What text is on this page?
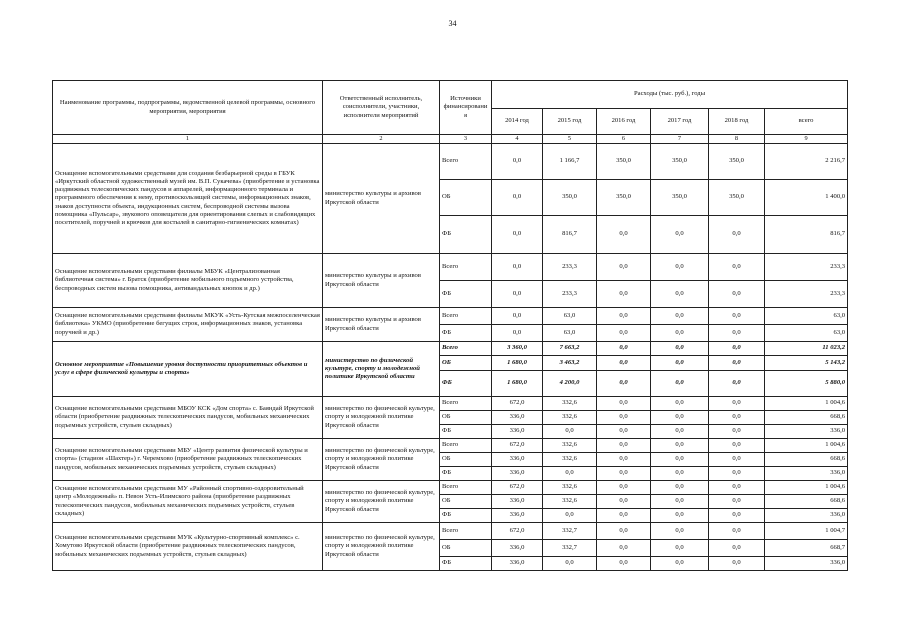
34
Наименование программы, подпрограммы, ведомственной целевой программы, основного мероприятия, мероприятия	Ответственный исполнитель, соисполнители, участники, исполнители мероприятий	Источники финансировани я	Расходы (тыс. руб.), годы					
			2014 год	2015 год	2016 год	2017 год	2018 год	всего
1	2	3	4	5	6	7	8	9
Оснащение вспомогательными средствами для создания безбарьерной среды в ГБУК «Иркутский областной художественный музей им. В.П. Сукачева» (приобретение и установка раздвижных телескопических пандусов и аппарелей, информационного терминала и программного обеспечения к нему, противоскользящей системы, информационных знаков, знаков доступности объекта, индукционных систем, беспроводной системы вызова помощника «Пульсар», звукового оповещателя для ориентирования слепых и слабовидящих посетителей, поручней и крючков для костылей в санитарно-гигиенических комнатах)	министерство культуры и архивов Иркутской области	Всего	0,0	1 166,7	350,0	350,0	350,0	2 216,7
		ОБ	0,0	350,0	350,0	350,0	350,0	1 400,0
		ФБ	0,0	816,7	0,0	0,0	0,0	816,7
Оснащение вспомогательными средствами филиалы МБУК «Централизованная библиотечная система» г. Братск (приобретение мобильного подъемного устройства, беспроводных систем вызова помощника, антивандальных кнопок и др.)	министерство культуры и архивов Иркутской области	Всего	0,0	233,3	0,0	0,0	0,0	233,3
		ФБ	0,0	233,3	0,0	0,0	0,0	233,3
Оснащение вспомогательными средствами филиалы МКУК «Усть-Кутская межпоселенческая библиотека» УКМО (приобретение бегущих строк, информационных знаков, установка поручней и др.)	министерство культуры и архивов Иркутской области	Всего	0,0	63,0	0,0	0,0	0,0	63,0
		ФБ	0,0	63,0	0,0	0,0	0,0	63,0
Основное мероприятие «Повышение уровня доступности приоритетных объектов и услуг в сфере физической культуры и спорта»	министерство по физической культуре, спорту и молодежной политике Иркутской области	Всего	3 360,0	7 663,2	0,0	0,0	0,0	11 023,2
		ОБ	1 680,0	3 463,2	0,0	0,0	0,0	5 143,2
		ФБ	1 680,0	4 200,0	0,0	0,0	0,0	5 880,0
Оснащение вспомогательными средствами МБОУ КСК «Дом спорта» с. Баяндай Иркутской области (приобретение раздвижных телескопических пандусов, мобильных механических подъемных устройств, стульев складных)	министерство по физической культуре, спорту и молодежной политике Иркутской области	Всего	672,0	332,6	0,0	0,0	0,0	1 004,6
		ОБ	336,0	332,6	0,0	0,0	0,0	668,6
		ФБ	336,0	0,0	0,0	0,0	0,0	336,0
Оснащение вспомогательными средствами МБУ «Центр развития физической культуры и спорта» (стадион «Шахтер») г. Черемхово (приобретение раздвижных телескопических пандусов, мобильных механических подъемных устройств, стульев складных)	министерство по физической культуре, спорту и молодежной политике Иркутской области	Всего	672,0	332,6	0,0	0,0	0,0	1 004,6
		ОБ	336,0	332,6	0,0	0,0	0,0	668,6
		ФБ	336,0	0,0	0,0	0,0	0,0	336,0
Оснащение вспомогательными средствами МУ «Районный спортивно-оздоровительный центр «Молодежный» п. Невон Усть-Илимского района (приобретение раздвижных телескопических пандусов, мобильных механических подъемных устройств, стульев складных)	министерство по физической культуре, спорту и молодежной политике Иркутской области	Всего	672,0	332,6	0,0	0,0	0,0	1 004,6
		ОБ	336,0	332,6	0,0	0,0	0,0	668,6
		ФБ	336,0	0,0	0,0	0,0	0,0	336,0
Оснащение вспомогательными средствами МУК «Культурно-спортивный комплекс» с. Хомутово Иркутской области (приобретение раздвижных телескопических пандусов, мобильных механических подъемных устройств, стульев складных)	министерство по физической культуре, спорту и молодежной политике Иркутской области	Всего	672,0	332,7	0,0	0,0	0,0	1 004,7
		ОБ	336,0	332,7	0,0	0,0	0,0	668,7
		ФБ	336,0	0,0	0,0	0,0	0,0	336,0
